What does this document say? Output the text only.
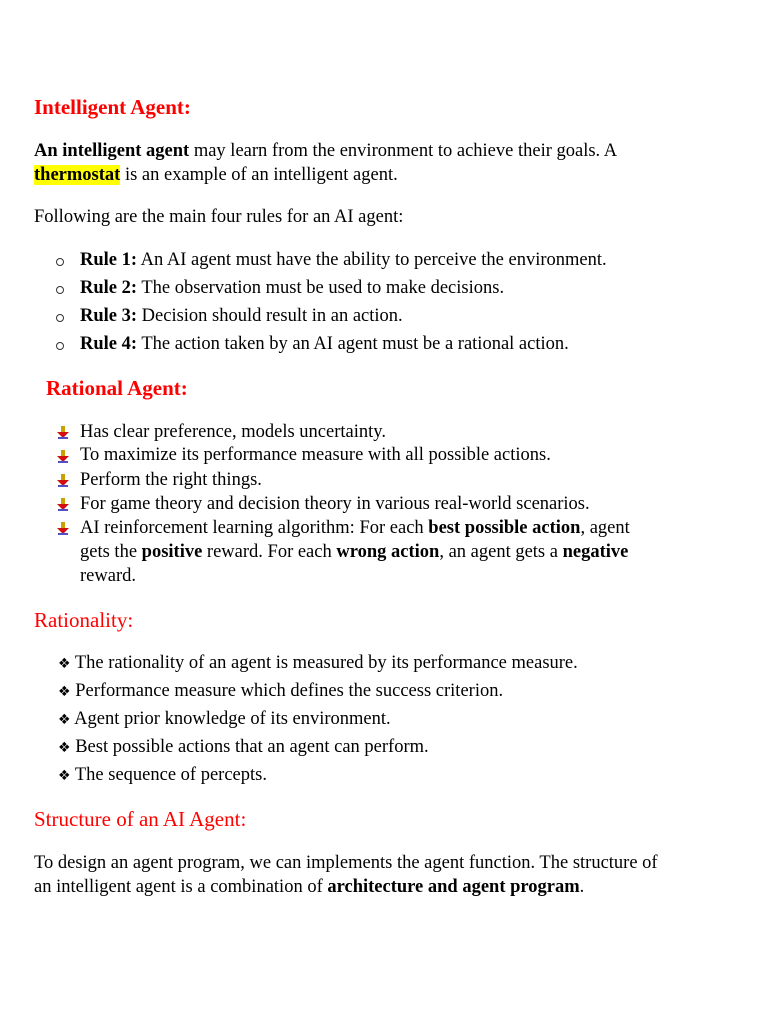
Intelligent Agent:
An intelligent agent may learn from the environment to achieve their goals. A
thermostat is an example of an intelligent agent.
Following are the main four rules for an AI agent:
Rule 1: An AI agent must have the ability to perceive the environment.
Rule 2: The observation must be used to make decisions.
Rule 3: Decision should result in an action.
Rule 4: The action taken by an AI agent must be a rational action.
Rational Agent:
Has clear preference, models uncertainty.
To maximize its performance measure with all possible actions.
Perform the right things.
For game theory and decision theory in various real-world scenarios.
AI reinforcement learning algorithm: For each best possible action, agent
gets the positive reward. For each wrong action, an agent gets a negative
reward.
Rationality:
❖ The rationality of an agent is measured by its performance measure.
❖ Performance measure which defines the success criterion.
❖ Agent prior knowledge of its environment.
❖ Best possible actions that an agent can perform.
❖ The sequence of percepts.
Structure of an AI Agent:
To design an agent program, we can implements the agent function. The structure of
an intelligent agent is a combination of architecture and agent program.
